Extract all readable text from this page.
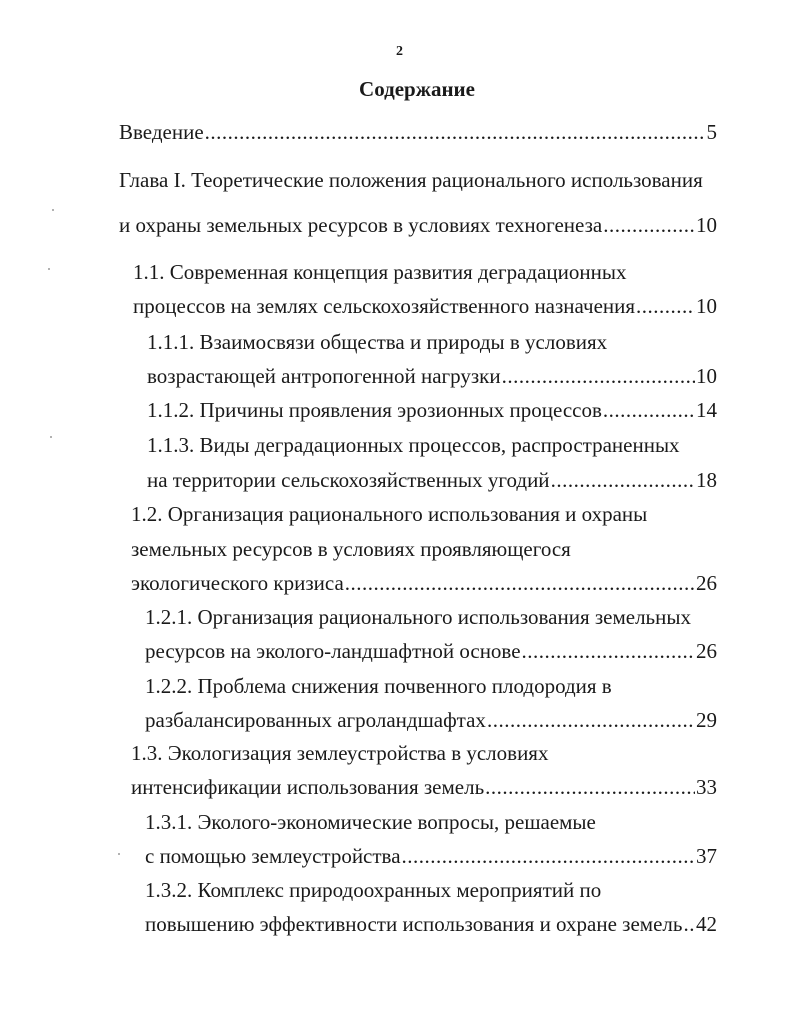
2
Содержание
Введение .....	5
Глава I. Теоретические положения рационального использования
и охраны земельных ресурсов в условиях техногенеза .....	10
1.1. Современная концепция развития деградационных
процессов на землях сельскохозяйственного назначения .....	10
1.1.1. Взаимосвязи общества и природы в условиях
возрастающей антропогенной нагрузки .....	10
1.1.2. Причины проявления эрозионных процессов .....	14
1.1.3. Виды деградационных процессов, распространенных
на территории сельскохозяйственных угодий .....	18
1.2. Организация рационального использования и охраны
земельных ресурсов в условиях проявляющегося
экологического кризиса .....	26
1.2.1. Организация рационального использования земельных
ресурсов на эколого-ландшафтной основе .....	26
1.2.2. Проблема снижения почвенного плодородия в
разбалансированных агроландшафтах .....	29
1.3. Экологизация землеустройства в условиях
интенсификации использования земель .....	33
1.3.1. Эколого-экономические вопросы, решаемые
с помощью землеустройства .....	37
1.3.2. Комплекс природоохранных мероприятий по
повышению эффективности использования и охране земель ..... 42
